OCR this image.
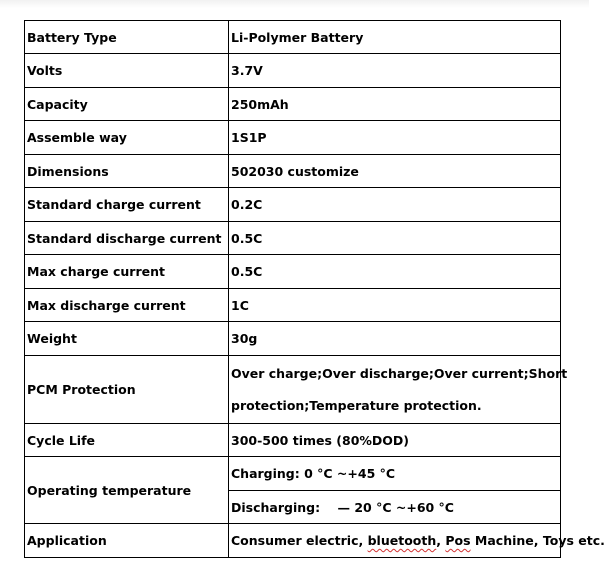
Battery Type	Li-Polymer Battery
Volts	3.7V
Capacity	250mAh
Assemble way	1S1P
Dimensions	502030 customize
Standard charge current	0.2C
Standard discharge current	0.5C
Max charge current	0.5C
Max discharge current	1C
Weight	30g
PCM Protection	Over charge;Over discharge;Over current;Short
protection;Temperature protection.

Cycle Life	300-500 times (80%DOD)
Operating temperature	Charging: 0 °C ~+45 °C
	Discharging:    — 20 °C ~+60 °C
Application	Consumer electric, bluetooth, Pos Machine, Toys etc.
